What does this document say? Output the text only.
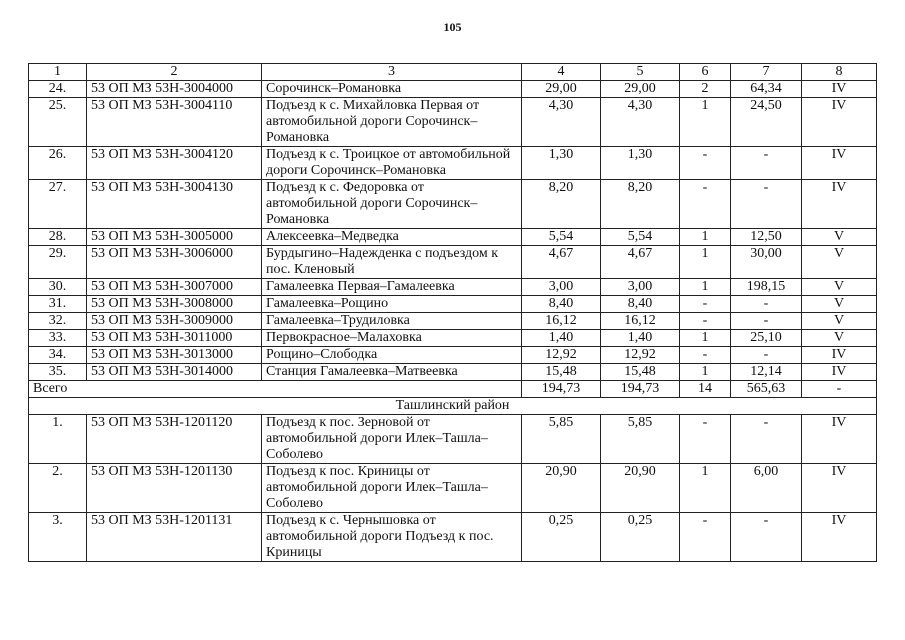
105
1	2	3	4	5	6	7	8
24.	53 ОП МЗ 53Н-3004000	Сорочинск–Романовка	29,00	29,00	2	64,34	IV
25.	53 ОП МЗ 53Н-3004110	Подъезд к с. Михайловка Первая от автомобильной дороги Сорочинск–Романовка	4,30	4,30	1	24,50	IV
26.	53 ОП МЗ 53Н-3004120	Подъезд к с. Троицкое от автомобильной дороги Сорочинск–Романовка	1,30	1,30	-	-	IV
27.	53 ОП МЗ 53Н-3004130	Подъезд к с. Федоровка от автомобильной дороги Сорочинск–Романовка	8,20	8,20	-	-	IV
28.	53 ОП МЗ 53Н-3005000	Алексеевка–Медведка	5,54	5,54	1	12,50	V
29.	53 ОП МЗ 53Н-3006000	Бурдыгино–Надежденка с подъездом к пос. Кленовый	4,67	4,67	1	30,00	V
30.	53 ОП МЗ 53Н-3007000	Гамалеевка Первая–Гамалеевка	3,00	3,00	1	198,15	V
31.	53 ОП МЗ 53Н-3008000	Гамалеевка–Рощино	8,40	8,40	-	-	V
32.	53 ОП МЗ 53Н-3009000	Гамалеевка–Трудиловка	16,12	16,12	-	-	V
33.	53 ОП МЗ 53Н-3011000	Первокрасное–Малаховка	1,40	1,40	1	25,10	V
34.	53 ОП МЗ 53Н-3013000	Рощино–Слободка	12,92	12,92	-	-	IV
35.	53 ОП МЗ 53Н-3014000	Станция Гамалеевка–Матвеевка	15,48	15,48	1	12,14	IV
Всего			194,73	194,73	14	565,63	-
Ташлинский район							
1.	53 ОП МЗ 53Н-1201120	Подъезд к пос. Зерновой от автомобильной дороги Илек–Ташла–Соболево	5,85	5,85	-	-	IV
2.	53 ОП МЗ 53Н-1201130	Подъезд к пос. Криницы от автомобильной дороги Илек–Ташла–Соболево	20,90	20,90	1	6,00	IV
3.	53 ОП МЗ 53Н-1201131	Подъезд к с. Чернышовка от автомобильной дороги Подъезд к пос. Криницы	0,25	0,25	-	-	IV
